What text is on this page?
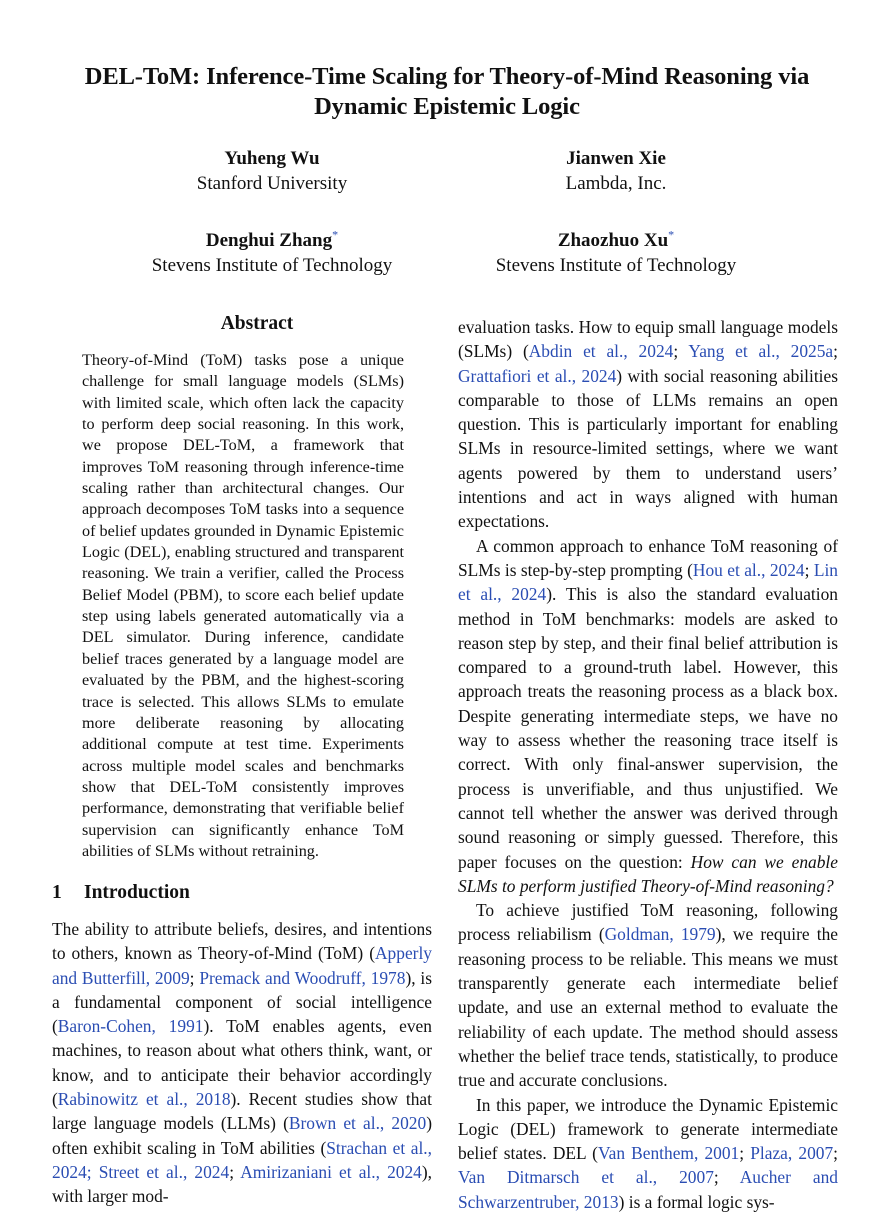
DEL-ToM: Inference-Time Scaling for Theory-of-Mind Reasoning via
Dynamic Epistemic Logic
Yuheng Wu
Stanford University
Jianwen Xie
Lambda, Inc.
Denghui Zhang*
Stevens Institute of Technology
Zhaozhuo Xu*
Stevens Institute of Technology
Abstract
Theory-of-Mind (ToM) tasks pose a unique challenge for small language models (SLMs) with limited scale, which often lack the capacity to perform deep social reasoning. In this work, we propose DEL-ToM, a framework that improves ToM reasoning through inference-time scaling rather than architectural changes. Our approach decomposes ToM tasks into a sequence of belief updates grounded in Dynamic Epistemic Logic (DEL), enabling structured and transparent reasoning. We train a verifier, called the Process Belief Model (PBM), to score each belief update step using labels generated automatically via a DEL simulator. During inference, candidate belief traces generated by a language model are evaluated by the PBM, and the highest-scoring trace is selected. This allows SLMs to emulate more deliberate reasoning by allocating additional compute at test time. Experiments across multiple model scales and benchmarks show that DEL-ToM consistently improves performance, demonstrating that verifiable belief supervision can significantly enhance ToM abilities of SLMs without retraining.
1 Introduction

The ability to attribute beliefs, desires, and intentions to others, known as Theory-of-Mind (ToM) (Apperly and Butterfill, 2009; Premack and Woodruff, 1978), is a fundamental component of social intelligence (Baron-Cohen, 1991). ToM enables agents, even machines, to reason about what others think, want, or know, and to anticipate their behavior accordingly (Rabinowitz et al., 2018). Recent studies show that large language models (LLMs) (Brown et al., 2020) often exhibit scaling in ToM abilities (Strachan et al., 2024; Street et al., 2024; Amirizaniani et al., 2024), with larger mod-

evaluation tasks. How to equip small language models (SLMs) (Abdin et al., 2024; Yang et al., 2025a; Grattafiori et al., 2024) with social reasoning abilities comparable to those of LLMs remains an open question. This is particularly important for enabling SLMs in resource-limited settings, where we want agents powered by them to understand users’ intentions and act in ways aligned with human expectations.

A common approach to enhance ToM reasoning of SLMs is step-by-step prompting (Hou et al., 2024; Lin et al., 2024). This is also the standard evaluation method in ToM benchmarks: models are asked to reason step by step, and their final belief attribution is compared to a ground-truth label. However, this approach treats the reasoning process as a black box. Despite generating intermediate steps, we have no way to assess whether the reasoning trace itself is correct. With only final-answer supervision, the process is unverifiable, and thus unjustified. We cannot tell whether the answer was derived through sound reasoning or simply guessed. Therefore, this paper focuses on the question: How can we enable SLMs to perform justified Theory-of-Mind reasoning?

To achieve justified ToM reasoning, following process reliabilism (Goldman, 1979), we require the reasoning process to be reliable. This means we must transparently generate each intermediate belief update, and use an external method to evaluate the reliability of each update. The method should assess whether the belief trace tends, statistically, to produce true and accurate conclusions.

In this paper, we introduce the Dynamic Epistemic Logic (DEL) framework to generate intermediate belief states. DEL (Van Benthem, 2001; Plaza, 2007; Van Ditmarsch et al., 2007; Aucher and Schwarzentruber, 2013) is a formal logic sys-
